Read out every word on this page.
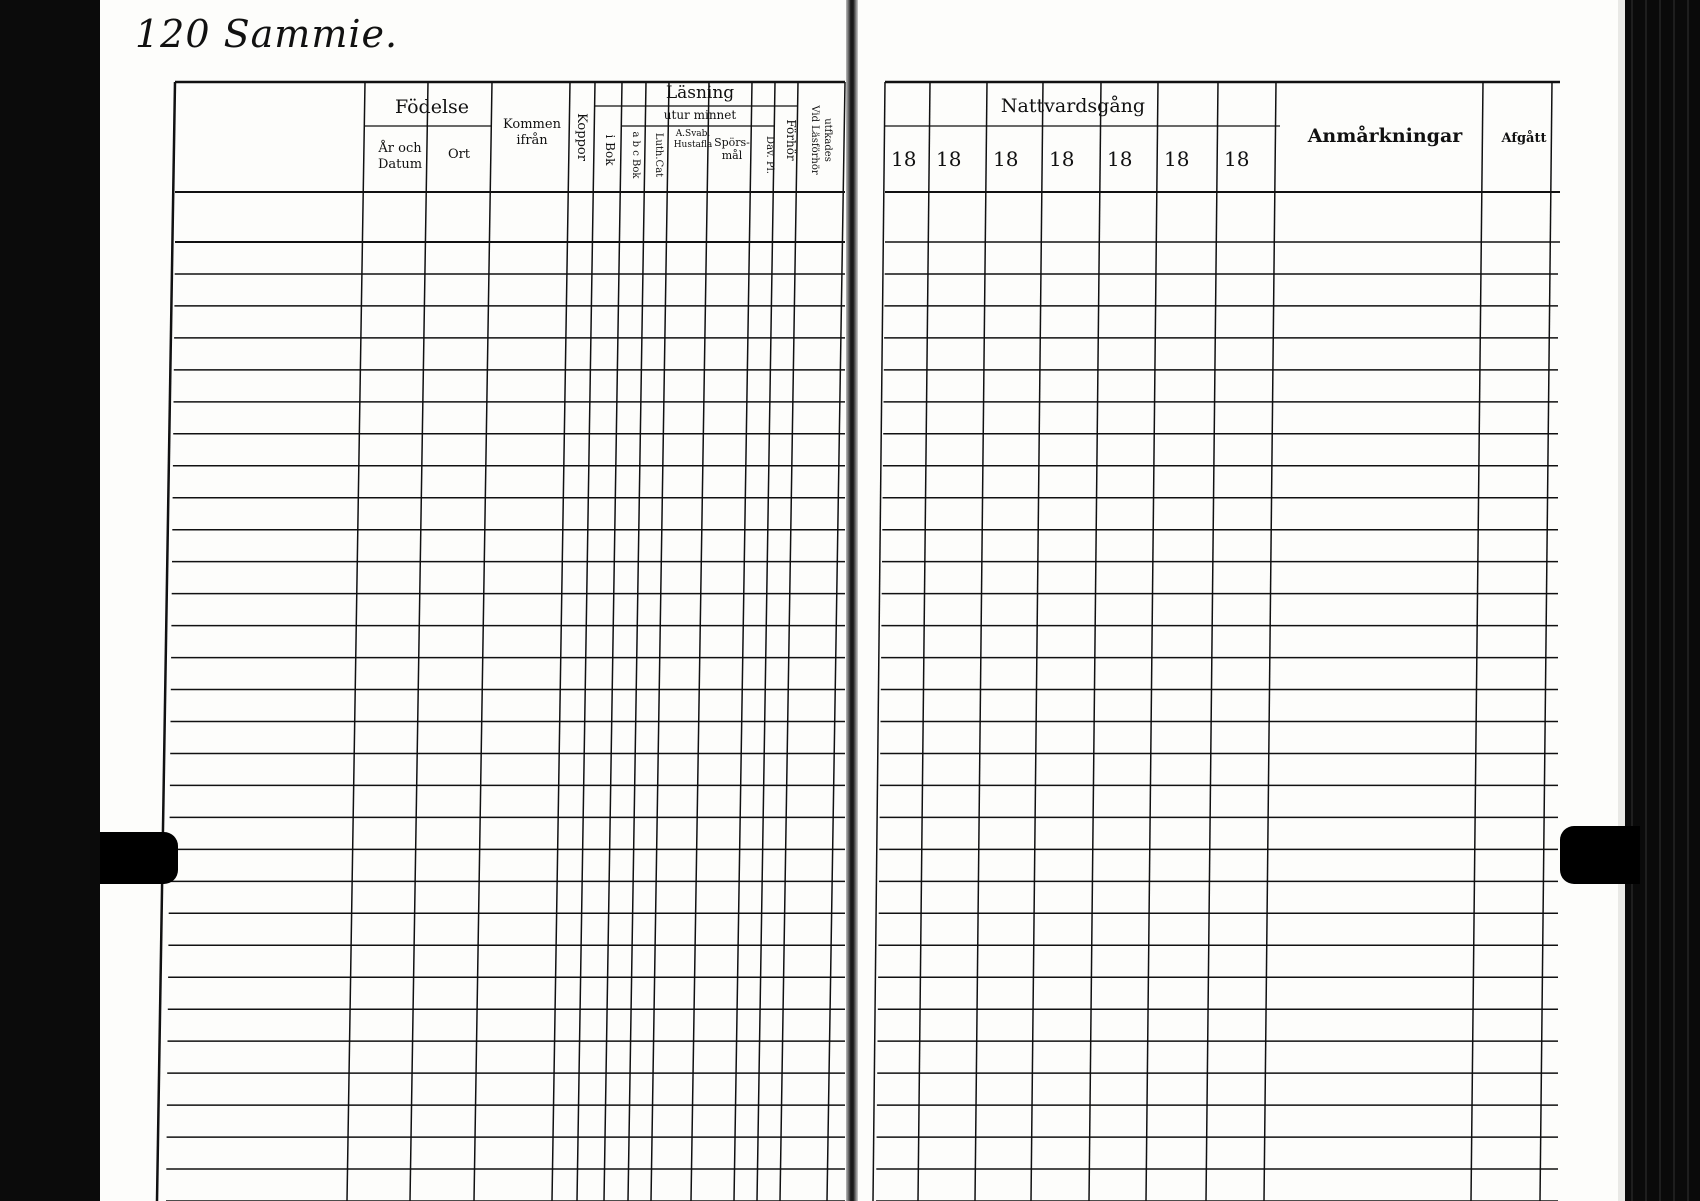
120 Sammie.
Födelse
År och
Datum
Ort
Kommen
ifrån Koppor
Läsning
utur minnet
i Bok a b c Bok Luth.Cat A.Svab.
Hustafla Spörs-
mål Dav. Pl. Förhör Vid Läsförhör utfkades
Nattvardsgång
18 18 18 18 18 18 18
Anmårkningar	Afgått
